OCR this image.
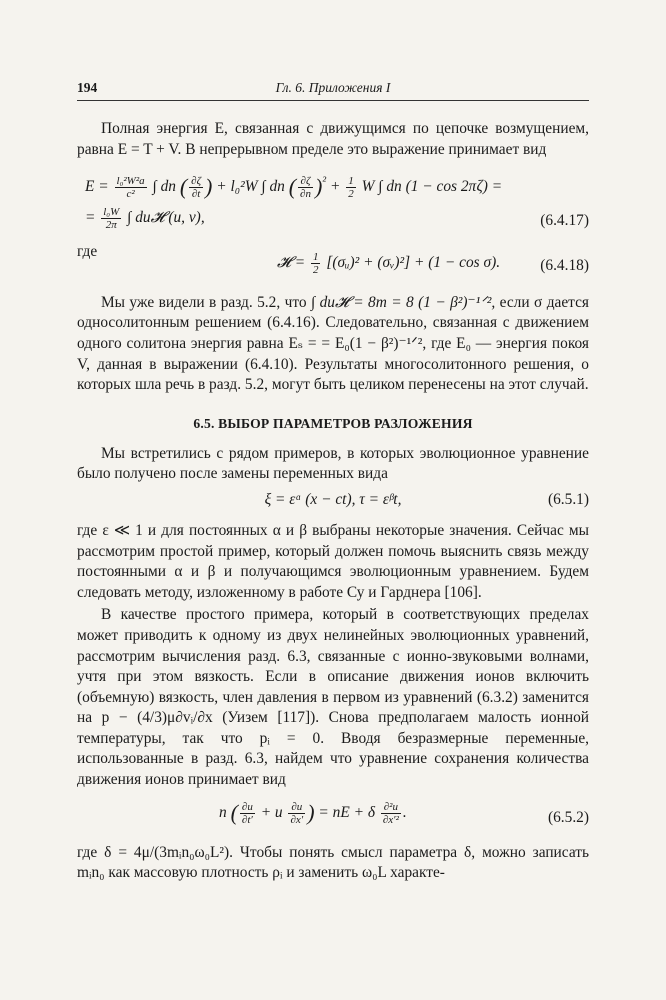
194	Гл. 6. Приложения I

Полная энергия E, связанная с движущимся по цепочке возмущением, равна E = T + V. В непрерывном пределе это выражение принимает вид

$E = \frac{\text{l₀²W²a}}{\text{c²}}$ ∫ dn ( $\frac{\partial\zeta}{\partial t}$ ) + l₀²W ∫ dn ( $\frac{\partial\zeta}{\partial n} )^{^2} + \frac{1}{2}$ W ∫ dn (1 − cos 2πζ) =
= $\frac{\text{l₀W}}{2\pi}$ ∫ du𝓗 (u, v),	(6.4.17)

где

𝓗 = $\frac{1}{2}$ [(σᵤ)² + (σᵥ)²] + (1 − cos σ).	(6.4.18)

Мы уже видели в разд. 5.2, что ∫ du𝓗 = 8m = 8 (1 − β²)⁻¹ᐟ², если σ дается односолитонным решением (6.4.16). Следовательно, связанная с движением одного солитона энергия равна Eₛ = = E₀(1 − β²)⁻¹ᐟ², где E₀ — энергия покоя V, данная в выражении (6.4.10). Результаты многосолитонного решения, о которых шла речь в разд. 5.2, могут быть целиком перенесены на этот случай.

6.5. ВЫБОР ПАРАМЕТРОВ РАЗЛОЖЕНИЯ

Мы встретились с рядом примеров, в которых эволюционное уравнение было получено после замены переменных вида

ξ = εᵅ (x − ct), τ = εᵝt,	(6.5.1)

где ε ≪ 1 и для постоянных α и β выбраны некоторые значения. Сейчас мы рассмотрим простой пример, который должен помочь выяснить связь между постоянными α и β и получающимся эволюционным уравнением. Будем следовать методу, изложенному в работе Су и Гарднера [106].

В качестве простого примера, который в соответствующих пределах может приводить к одному из двух нелинейных эволюционных уравнений, рассмотрим вычисления разд. 6.3, связанные с ионно-звуковыми волнами, учтя при этом вязкость. Если в описание движения ионов включить (объемную) вязкость, член давления в первом из уравнений (6.3.2) заменится на p − (4/3)μ∂vᵢ/∂x (Уизем [117]). Снова предполагаем малость ионной температуры, так что pᵢ = 0. Вводя безразмерные переменные, использованные в разд. 6.3, найдем что уравнение сохранения количества движения ионов принимает вид

n ( $\frac{\partial u}{\partial t'} + u \frac{\partial u}{\partial x'}$ ) = nE + δ $\frac{\text{∂²u}}{\text{∂x′²}}$ .	(6.5.2)

где δ = 4μ/(3mᵢn₀ω₀L²). Чтобы понять смысл параметра δ, можно записать mᵢn₀ как массовую плотность ρᵢ и заменить ω₀L характе-
